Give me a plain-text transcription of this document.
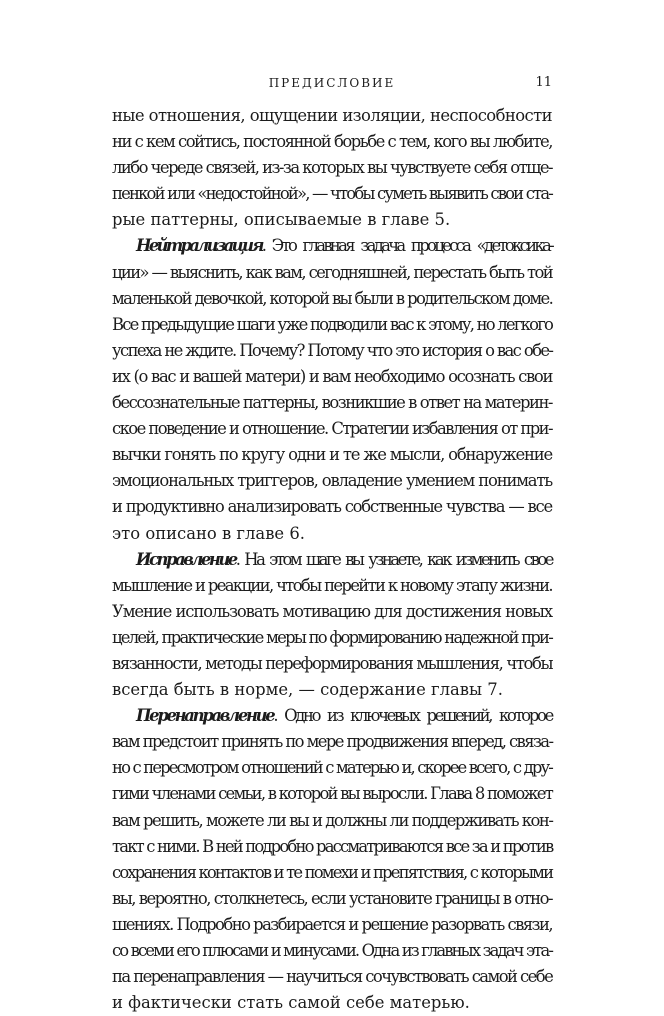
ПРЕДИСЛОВИЕ	11

ные отношения, ощущении изоляции, неспособности
ни с кем сойтись, постоянной борьбе с тем, кого вы любите,
либо череде связей, из-за которых вы чувствуете себя отще-
пенкой или «недостойной», — чтобы суметь выявить свои ста-
рые паттерны, описываемые в главе 5.

Нейтрализация. Это главная задача процесса «детоксика-
ции» — выяснить, как вам, сегодняшней, перестать быть той
маленькой девочкой, которой вы были в родительском доме.
Все предыдущие шаги уже подводили вас к этому, но легкого
успеха не ждите. Почему? Потому что это история о вас обе-
их (о вас и вашей матери) и вам необходимо осознать свои
бессознательные паттерны, возникшие в ответ на материн-
ское поведение и отношение. Стратегии избавления от при-
вычки гонять по кругу одни и те же мысли, обнаружение
эмоциональных триггеров, овладение умением понимать
и продуктивно анализировать собственные чувства — все
это описано в главе 6.

Исправление. На этом шаге вы узнаете, как изменить свое
мышление и реакции, чтобы перейти к новому этапу жизни.
Умение использовать мотивацию для достижения новых
целей, практические меры по формированию надежной при-
вязанности, методы переформирования мышления, чтобы
всегда быть в норме, — содержание главы 7.

Перенаправление. Одно из ключевых решений, которое
вам предстоит принять по мере продвижения вперед, связа-
но с пересмотром отношений с матерью и, скорее всего, с дру-
гими членами семьи, в которой вы выросли. Глава 8 поможет
вам решить, можете ли вы и должны ли поддерживать кон-
такт с ними. В ней подробно рассматриваются все за и против
сохранения контактов и те помехи и препятствия, с которыми
вы, вероятно, столкнетесь, если установите границы в отно-
шениях. Подробно разбирается и решение разорвать связи,
со всеми его плюсами и минусами. Одна из главных задач эта-
па перенаправления — научиться сочувствовать самой себе
и фактически стать самой себе матерью.
